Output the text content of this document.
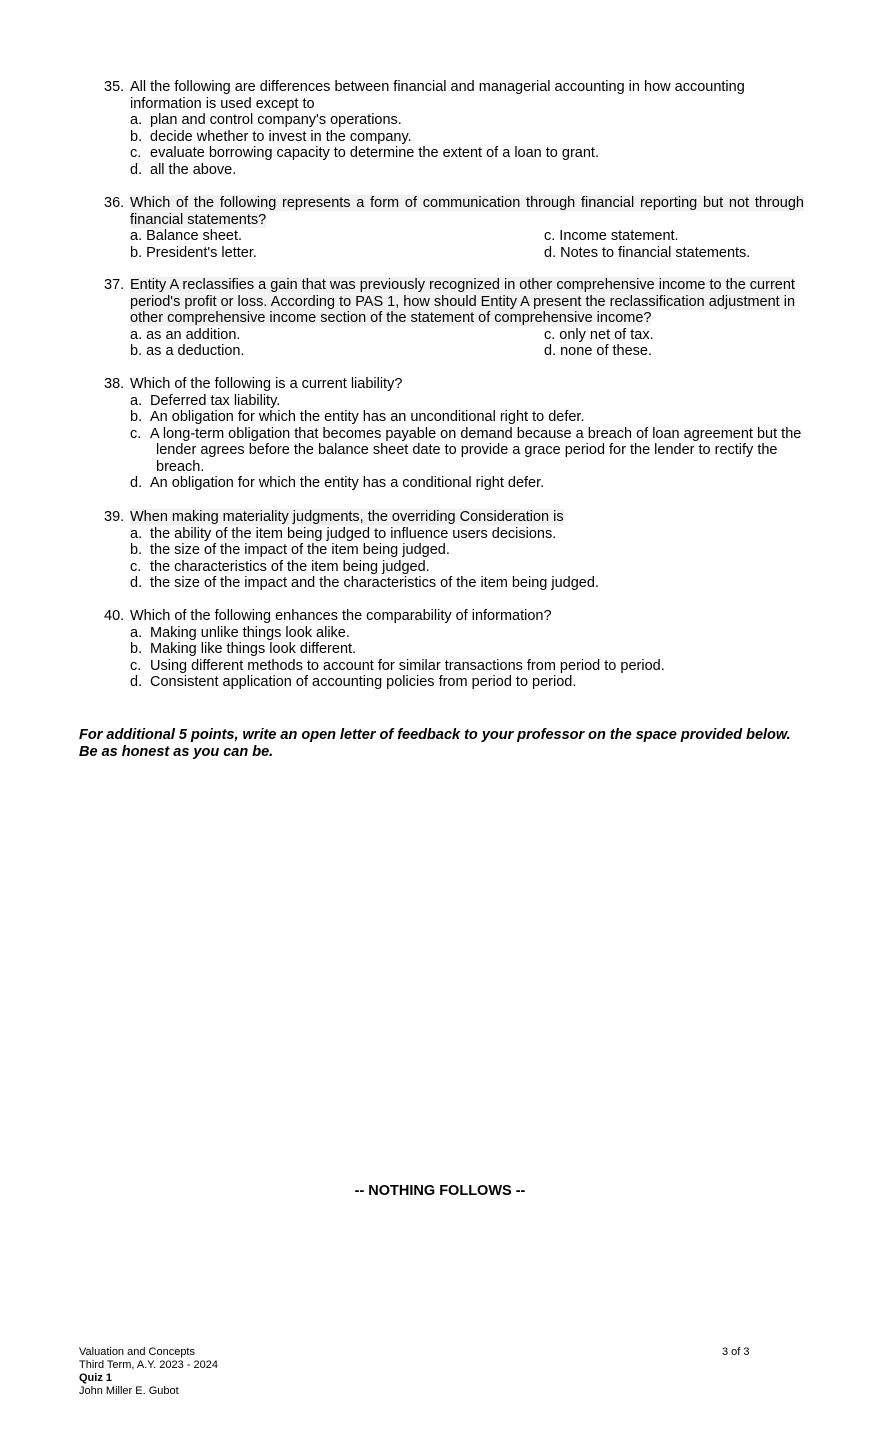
35. All the following are differences between financial and managerial accounting in how accounting information is used except to
a. plan and control company's operations.
b. decide whether to invest in the company.
c. evaluate borrowing capacity to determine the extent of a loan to grant.
d. all the above.
36. Which of the following represents a form of communication through financial reporting but not through financial statements?
a. Balance sheet.	c. Income statement.
b. President's letter.	d. Notes to financial statements.
37. Entity A reclassifies a gain that was previously recognized in other comprehensive income to the current period's profit or loss. According to PAS 1, how should Entity A present the reclassification adjustment in other comprehensive income section of the statement of comprehensive income?
a. as an addition.	c. only net of tax.
b. as a deduction.	d. none of these.
38. Which of the following is a current liability?
a. Deferred tax liability.
b. An obligation for which the entity has an unconditional right to defer.
c. A long-term obligation that becomes payable on demand because a breach of loan agreement but the lender agrees before the balance sheet date to provide a grace period for the lender to rectify the breach.
d. An obligation for which the entity has a conditional right defer.
39. When making materiality judgments, the overriding Consideration is
a. the ability of the item being judged to influence users decisions.
b. the size of the impact of the item being judged.
c. the characteristics of the item being judged.
d. the size of the impact and the characteristics of the item being judged.
40. Which of the following enhances the comparability of information?
a. Making unlike things look alike.
b. Making like things look different.
c. Using different methods to account for similar transactions from period to period.
d. Consistent application of accounting policies from period to period.
For additional 5 points, write an open letter of feedback to your professor on the space provided below. Be as honest as you can be.
-- NOTHING FOLLOWS --
Valuation and Concepts
Third Term, A.Y. 2023 - 2024
Quiz 1
John Miller E. Gubot
3 of 3
